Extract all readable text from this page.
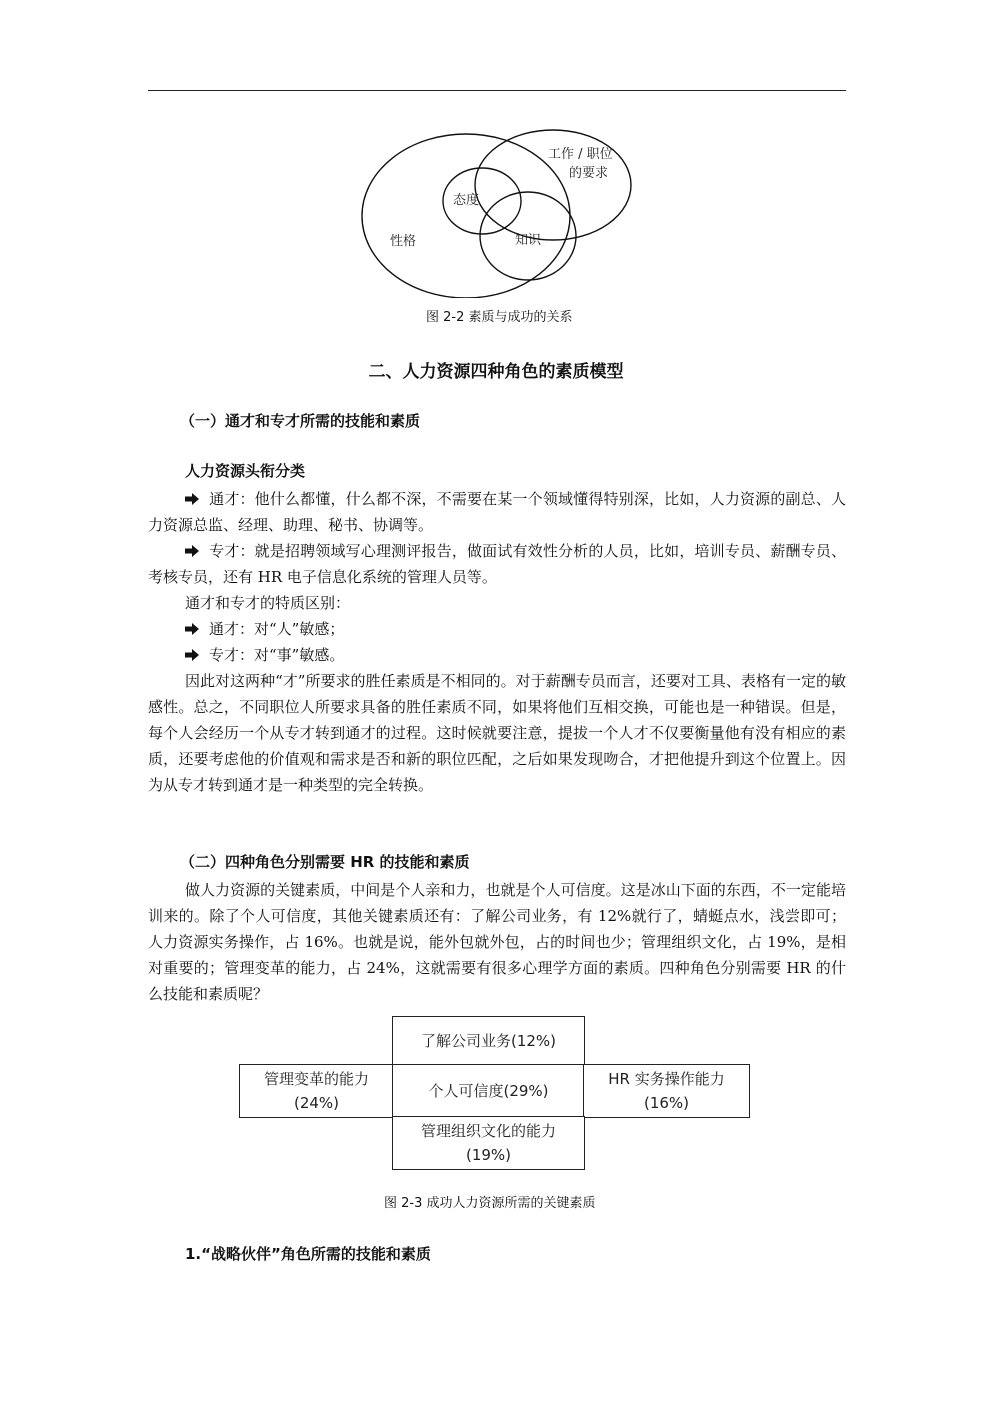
工作 / 职位
的要求
态度
性格	知识
图 2-2 素质与成功的关系
二、人力资源四种角色的素质模型
（一）通才和专才所需的技能和素质
人力资源头衔分类
通才：他什么都懂，什么都不深，不需要在某一个领域懂得特别深，比如，人力资源的副总、人力资源总监、经理、助理、秘书、协调等。
专才：就是招聘领域写心理测评报告，做面试有效性分析的人员，比如，培训专员、薪酬专员、考核专员，还有 HR 电子信息化系统的管理人员等。
通才和专才的特质区别：
通才：对“人”敏感；
专才：对“事”敏感。
因此对这两种“才”所要求的胜任素质是不相同的。对于薪酬专员而言，还要对工具、表格有一定的敏感性。总之，不同职位人所要求具备的胜任素质不同，如果将他们互相交换，可能也是一种错误。但是，每个人会经历一个从专才转到通才的过程。这时候就要注意，提拔一个人才不仅要衡量他有没有相应的素质，还要考虑他的价值观和需求是否和新的职位匹配，之后如果发现吻合，才把他提升到这个位置上。因为从专才转到通才是一种类型的完全转换。
（二）四种角色分别需要 HR 的技能和素质
做人力资源的关键素质，中间是个人亲和力，也就是个人可信度。这是冰山下面的东西，不一定能培训来的。除了个人可信度，其他关键素质还有：了解公司业务，有 12%就行了，蜻蜓点水，浅尝即可；人力资源实务操作，占 16%。也就是说，能外包就外包，占的时间也少；管理组织文化，占 19%，是相对重要的；管理变革的能力，占 24%，这就需要有很多心理学方面的素质。四种角色分别需要 HR 的什么技能和素质呢？
了解公司业务(12%)
管理变革的能力
(24%)
个人可信度(29%)
HR 实务操作能力
(16%)
管理组织文化的能力
(19%)
图 2-3 成功人力资源所需的关键素质
1.“战略伙伴”角色所需的技能和素质
